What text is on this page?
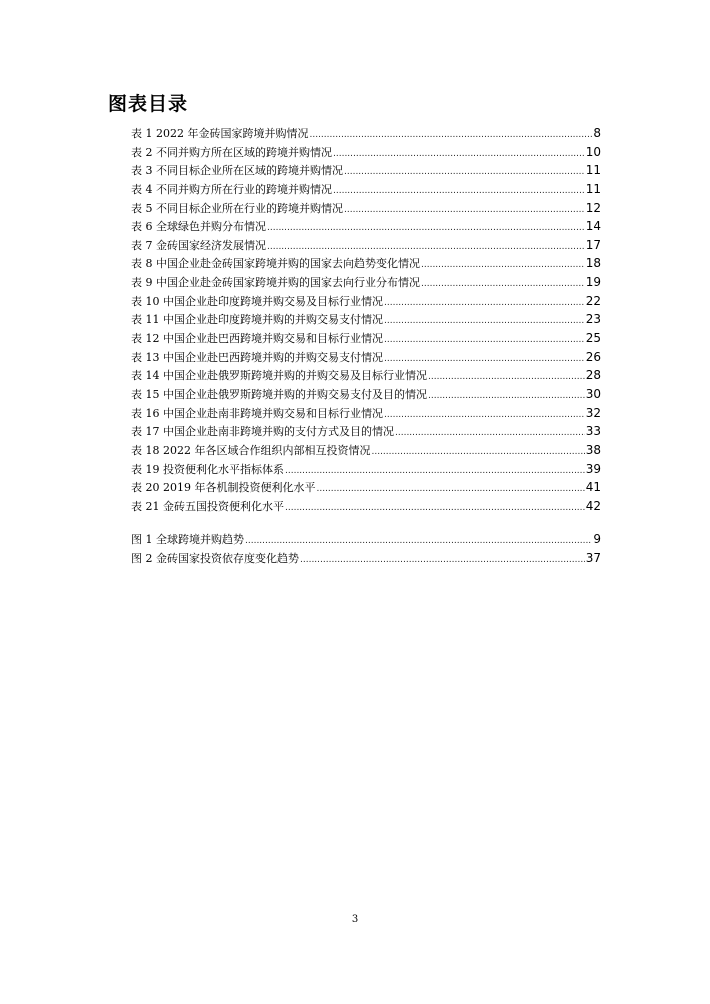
图表目录
表 1 2022 年金砖国家跨境并购情况 .....	8
表 2 不同并购方所在区域的跨境并购情况 .....	10
表 3 不同目标企业所在区域的跨境并购情况 .....	11
表 4 不同并购方所在行业的跨境并购情况 .....	11
表 5 不同目标企业所在行业的跨境并购情况 .....	12
表 6 全球绿色并购分布情况 .....	14
表 7 金砖国家经济发展情况 .....	17
表 8 中国企业赴金砖国家跨境并购的国家去向趋势变化情况 .....	18
表 9 中国企业赴金砖国家跨境并购的国家去向行业分布情况 .....	19
表 10 中国企业赴印度跨境并购交易及目标行业情况 .....	22
表 11 中国企业赴印度跨境并购的并购交易支付情况 .....	23
表 12 中国企业赴巴西跨境并购交易和目标行业情况 .....	25
表 13 中国企业赴巴西跨境并购的并购交易支付情况 .....	26
表 14 中国企业赴俄罗斯跨境并购的并购交易及目标行业情况 .....	28
表 15 中国企业赴俄罗斯跨境并购的并购交易支付及目的情况 .....	30
表 16 中国企业赴南非跨境并购交易和目标行业情况 .....	32
表 17 中国企业赴南非跨境并购的支付方式及目的情况 .....	33
表 18 2022 年各区域合作组织内部相互投资情况 .....	38
表 19 投资便利化水平指标体系 .....	39
表 20 2019 年各机制投资便利化水平 .....	41
表 21 金砖五国投资便利化水平 .....	42
图 1 全球跨境并购趋势 .....	9
图 2 金砖国家投资依存度变化趋势 .....	37
3
